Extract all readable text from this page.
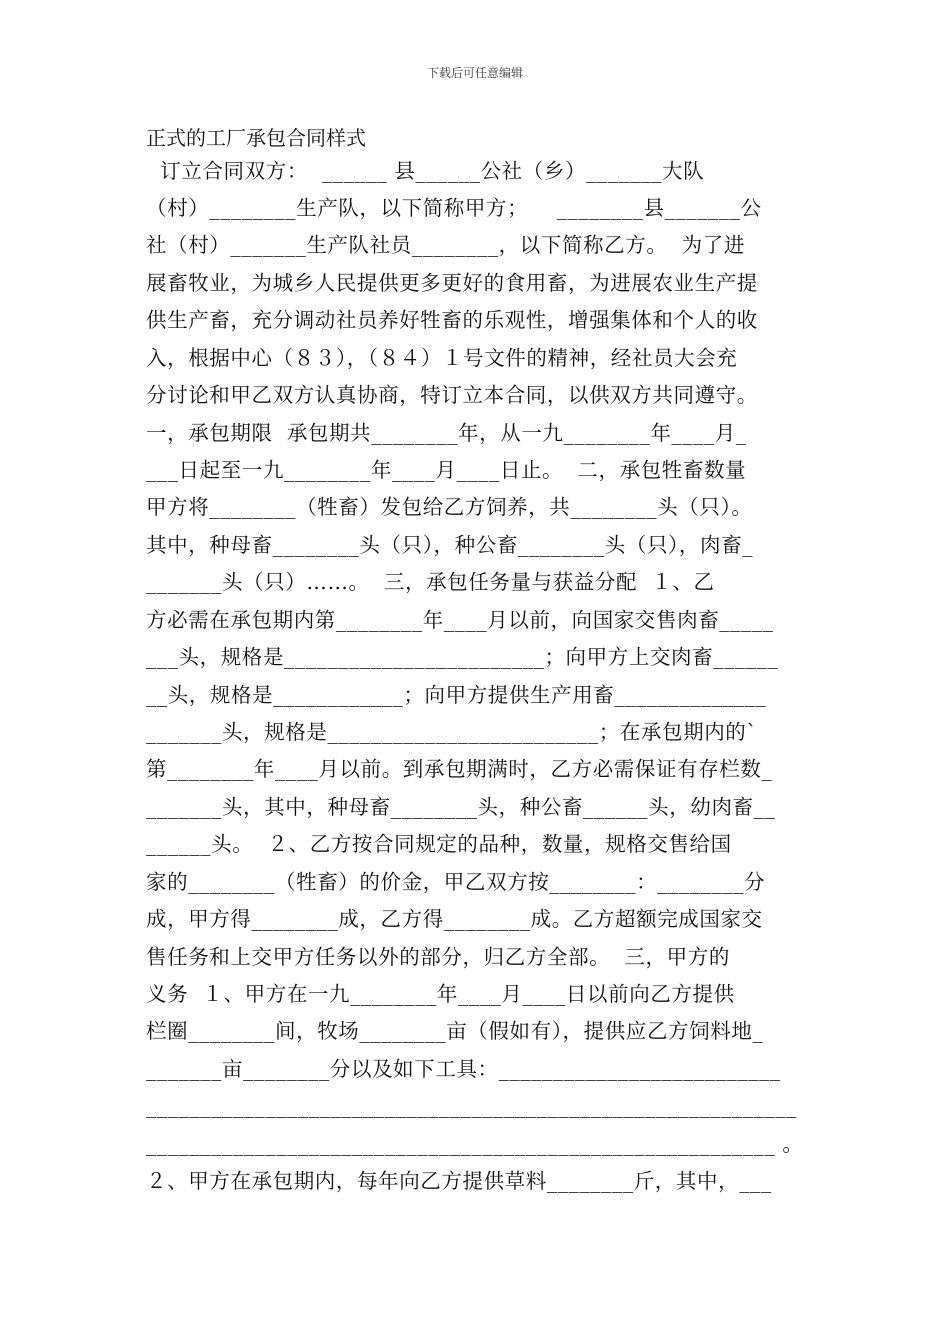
下载后可任意编辑
正式的工厂承包合同样式
订立合同双方：  ______ 县______公社（乡）_______大队
（村）________生产队，以下简称甲方；    ________县_______公
社（村）_______生产队社员________，以下简称乙方。  为了进
展畜牧业，为城乡人民提供更多更好的食用畜，为进展农业生产提
供生产畜，充分调动社员养好牲畜的乐观性，增强集体和个人的收
入，根据中心（８３），（８４）１号文件的精神，经社员大会充
分讨论和甲乙双方认真协商，特订立本合同，以供双方共同遵守。
一，承包期限  承包期共________年，从一九________年____月_
___日起至一九________年____月____日止。  二，承包牲畜数量
甲方将________（牲畜）发包给乙方饲养，共________头（只）。
其中，种母畜________头（只），种公畜________头（只），肉畜_
_______头（只）……。  三，承包任务量与获益分配  １、乙
方必需在承包期内第________年____月以前，向国家交售肉畜_____
___头，规格是________________________；向甲方上交肉畜______
__头，规格是____________；向甲方提供生产用畜______________
_______头，规格是_________________________；在承包期内的`
第________年____月以前。到承包期满时，乙方必需保证有存栏数_
_______头，其中，种母畜________头，种公畜______头，幼肉畜__
______头。  ２、乙方按合同规定的品种，数量，规格交售给国
家的________（牲畜）的价金，甲乙双方按________：________分
成，甲方得________成，乙方得________成。乙方超额完成国家交
售任务和上交甲方任务以外的部分，归乙方全部。  三，甲方的
义务  １、甲方在一九________年____月____日以前向乙方提供
栏圈________间，牧场________亩（假如有），提供应乙方饲料地_
_______亩________分以及如下工具：__________________________
____________________________________________________________
__________________________________________________________ 。
２、甲方在承包期内，每年向乙方提供草料________斤，其中，___
